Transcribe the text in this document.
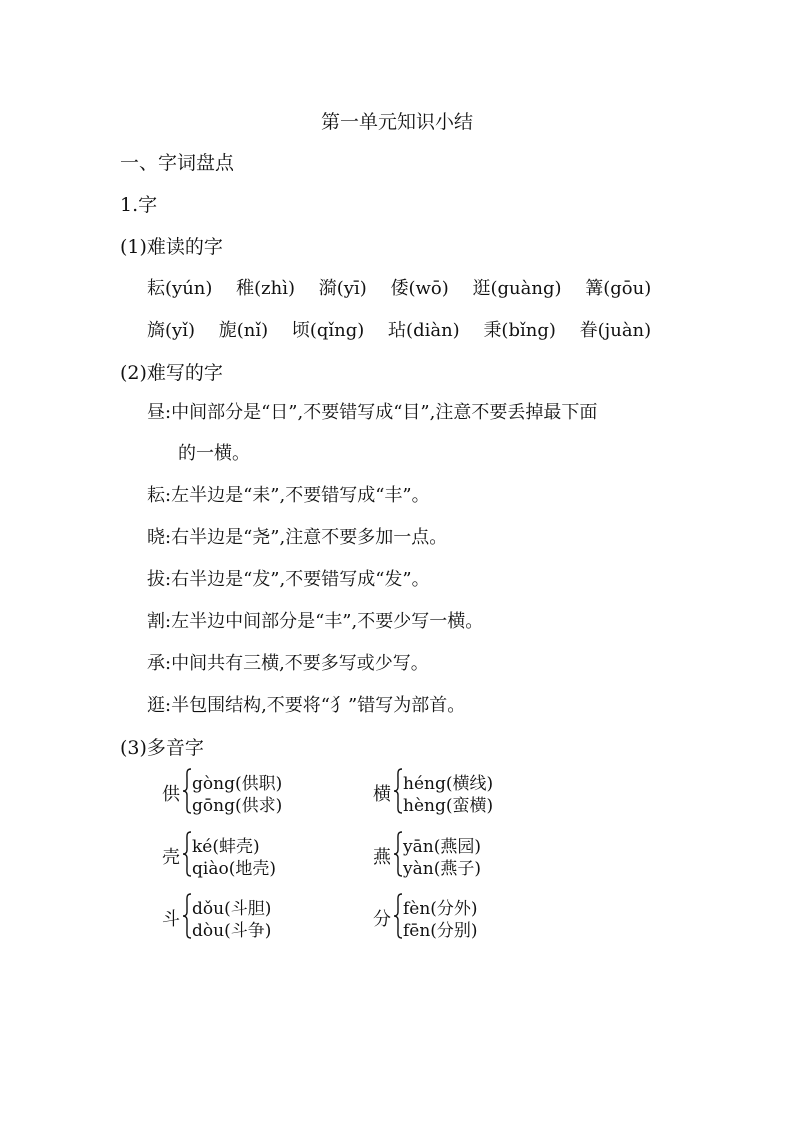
第一单元知识小结
一、字词盘点
1.字
(1)难读的字
耘(yún) 稚(zhì) 漪(yī) 倭(wō) 逛(guàng) 篝(gōu)
旖(yǐ) 旎(nǐ) 顷(qǐng) 玷(diàn) 秉(bǐng) 眷(juàn)
(2)难写的字
昼:中间部分是“日”,不要错写成“目”,注意不要丢掉最下面
的一横。
耘:左半边是“耒”,不要错写成“丰”。
晓:右半边是“尧”,注意不要多加一点。
拔:右半边是“犮”,不要错写成“发”。
割:左半边中间部分是“丰”,不要少写一横。
承:中间共有三横,不要多写或少写。
逛:半包围结构,不要将“犭”错写为部首。
(3)多音字
供 gòng(供职)
gōng(供求)
横 héng(横线)
hèng(蛮横)
壳 ké(蚌壳)
qiào(地壳)
燕 yān(燕园)
yàn(燕子)
斗 dǒu(斗胆)
dòu(斗争)
分 fèn(分外)
fēn(分别)
